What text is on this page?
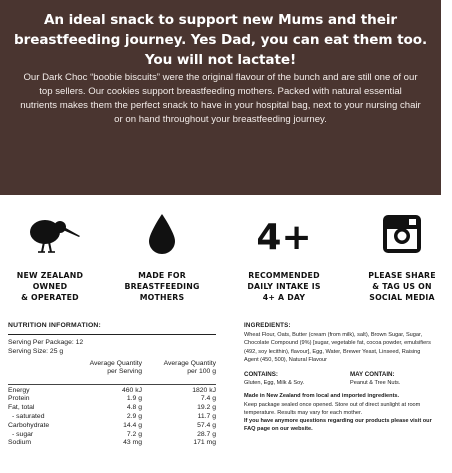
An ideal snack to support new Mums and their breastfeeding journey. Yes Dad, you can eat them too. You will not lactate!

Our Dark Choc “boobie biscuits” were the original flavour of the bunch and are still one of our top sellers. Our cookies support breastfeeding mothers. Packed with natural essential nutrients makes them the perfect snack to have in your hospital bag, next to your nursing chair or on hand throughout your breastfeeding journey.

NEW ZEALAND
OWNED
& OPERATED
MADE FOR
BREASTFEEDING
MOTHERS
4+
RECOMMENDED
DAILY INTAKE IS
4+ A DAY
PLEASE SHARE
& TAG US ON
SOCIAL MEDIA
NUTRITION INFORMATION:
Serving Per Package: 12
Serving Size: 25 g
Average Quantity
per Serving
Average Quantity
per 100 g
Energy	460 kJ	1820 kJ
Protein	1.9 g	7.4 g
Fat, total	4.8 g	19.2 g
- saturated	2.9 g	11.7 g
Carbohydrate	14.4 g	57.4 g
- sugar	7.2 g	28.7 g
Sodium	43 mg	171 mg
INGREDIENTS:
Wheat Flour, Oats, Butter (cream (from milk), salt), Brown Sugar, Sugar, Chocolate Compound (9%) [sugar, vegetable fat, cocoa powder, emulsifiers (492, soy lecithin), flavour], Egg, Water, Brewer Yeast, Linseed, Raising Agent (450, 500), Natural Flavour
CONTAINS:
Gluten, Egg, Milk & Soy.
MAY CONTAIN:
Peanut & Tree Nuts.
Made in New Zealand from local and imported ingredients.
Keep package sealed once opened. Store out of direct sunlight at room temperature. Results may vary for each mother.
If you have anymore questions regarding our products please visit our FAQ page on our website.
